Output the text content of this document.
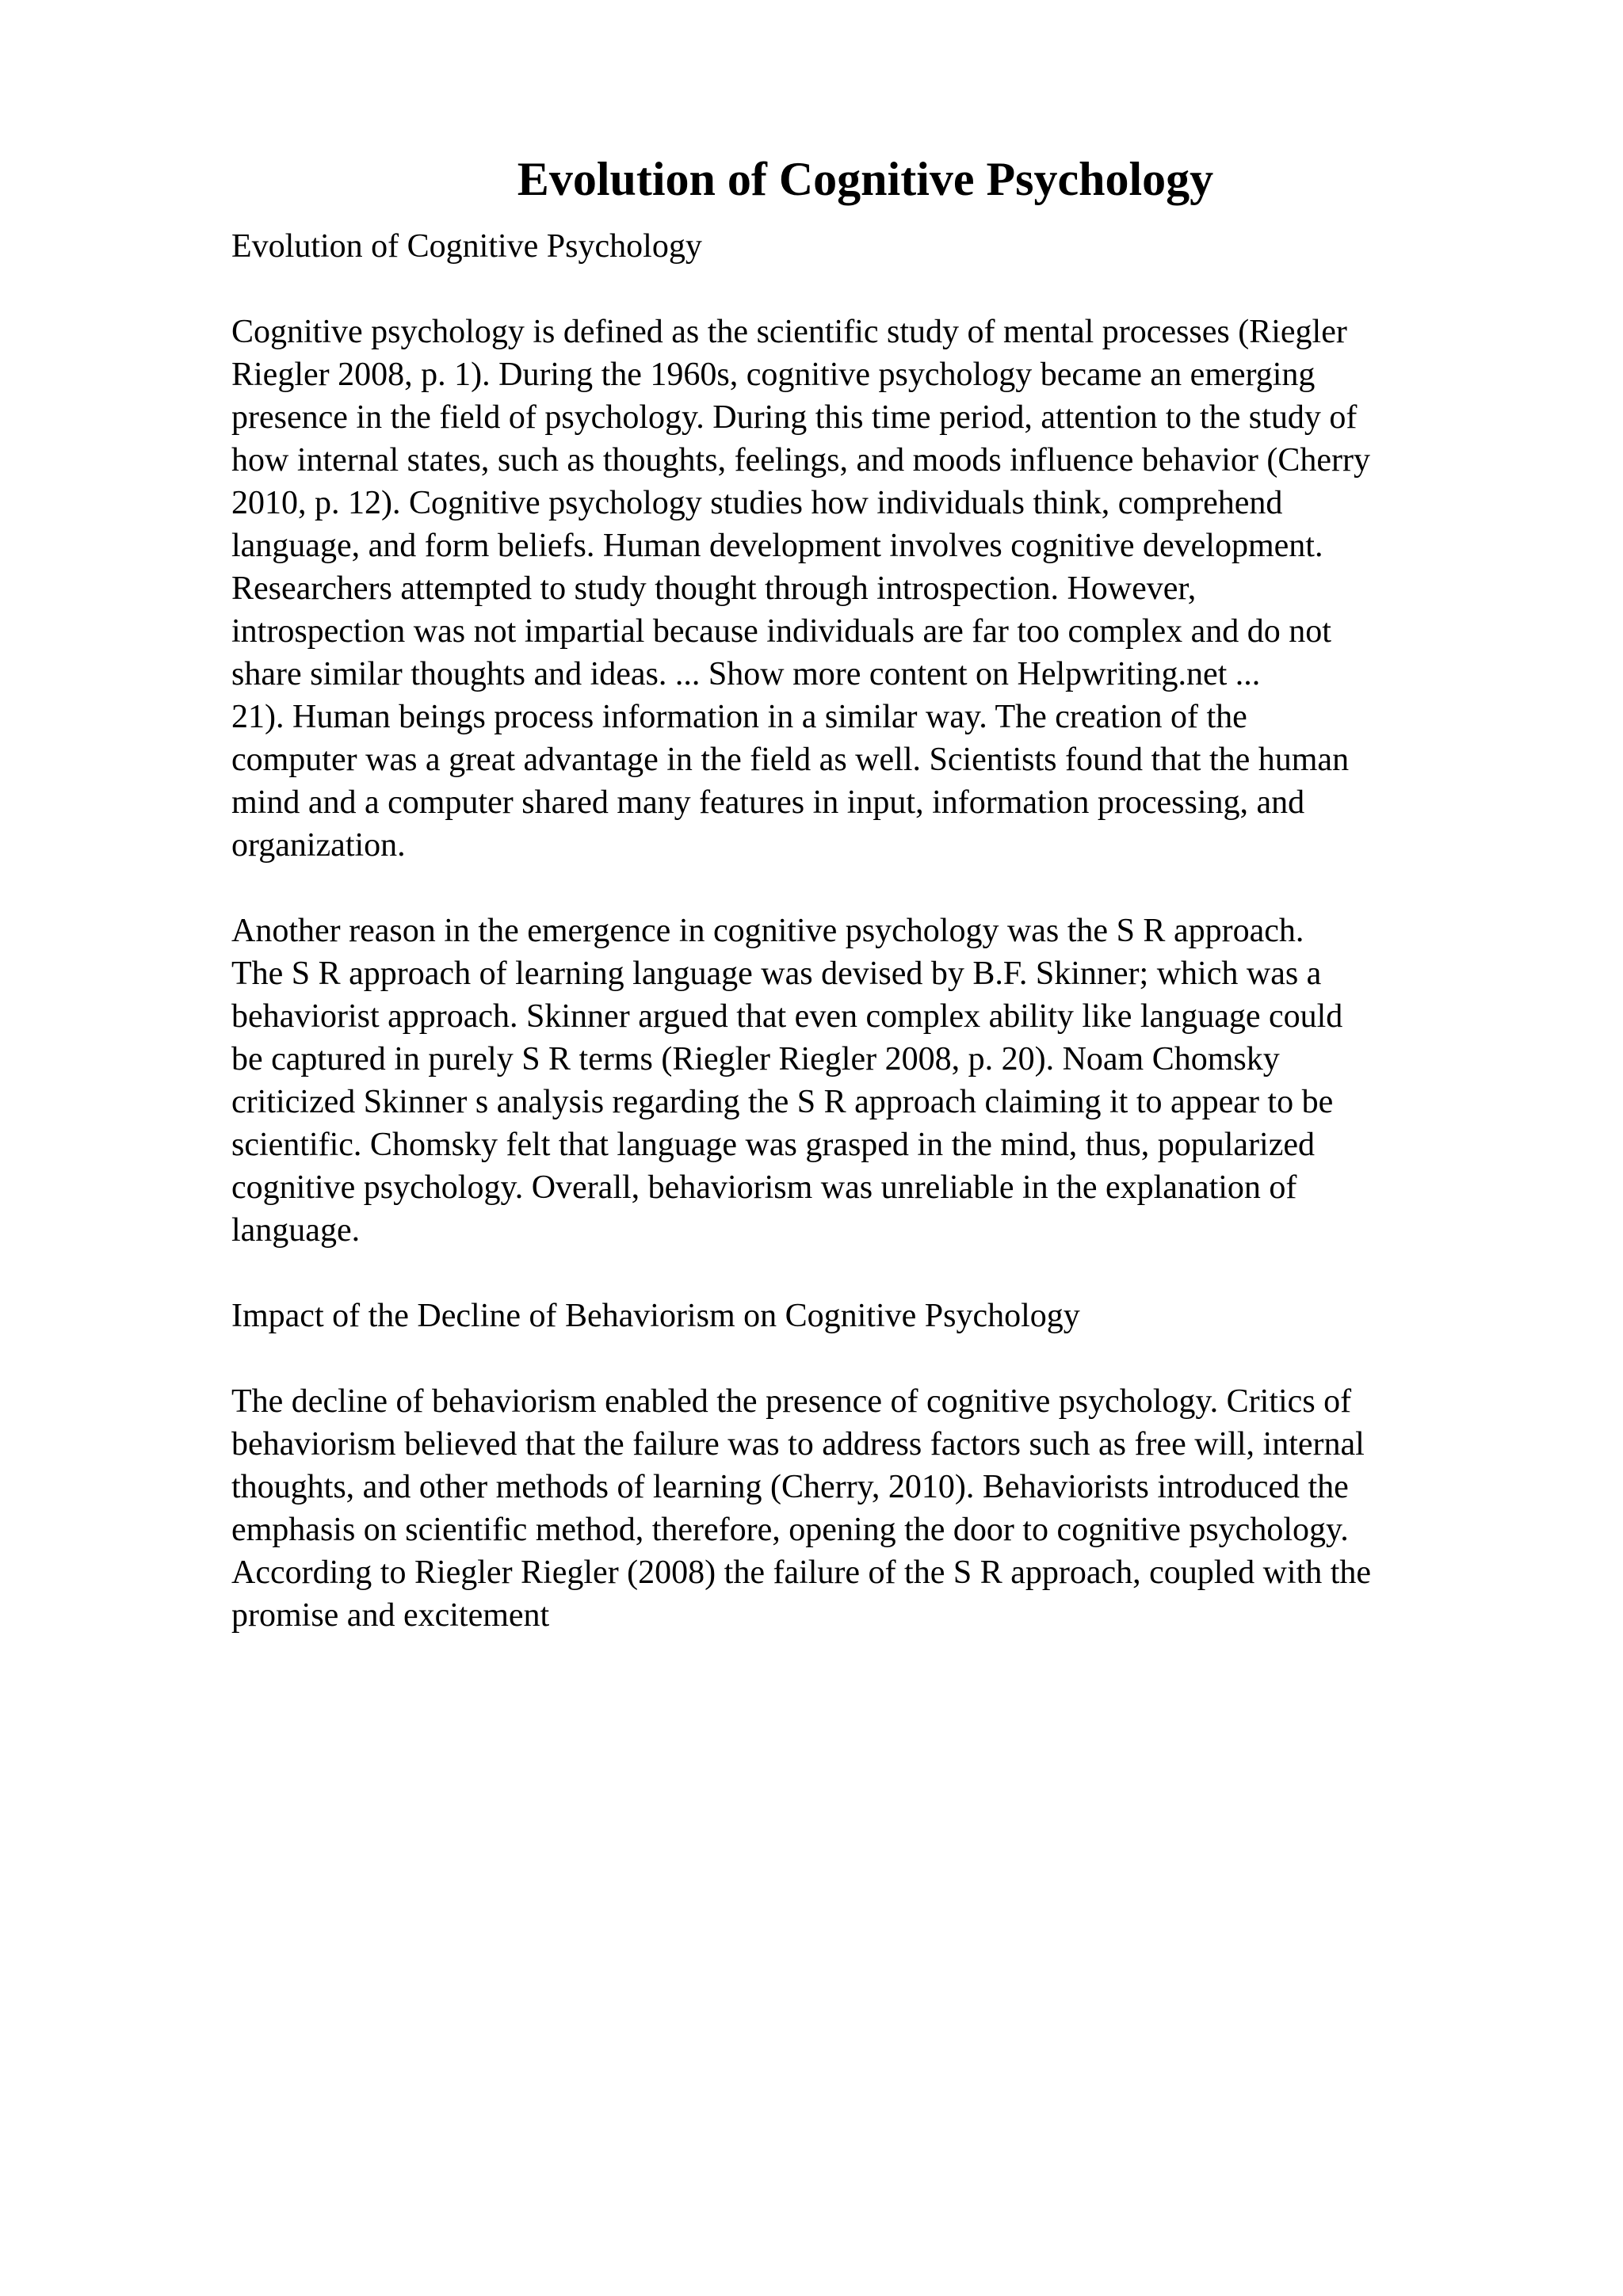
Evolution of Cognitive Psychology
Evolution of Cognitive Psychology
Cognitive psychology is defined as the scientific study of mental processes (Riegler
Riegler 2008, p. 1). During the 1960s, cognitive psychology became an emerging
presence in the field of psychology. During this time period, attention to the study of
how internal states, such as thoughts, feelings, and moods influence behavior (Cherry
2010, p. 12). Cognitive psychology studies how individuals think, comprehend
language, and form beliefs. Human development involves cognitive development.
Researchers attempted to study thought through introspection. However,
introspection was not impartial because individuals are far too complex and do not
share similar thoughts and ideas. ... Show more content on Helpwriting.net ...
21). Human beings process information in a similar way. The creation of the
computer was a great advantage in the field as well. Scientists found that the human
mind and a computer shared many features in input, information processing, and
organization.
Another reason in the emergence in cognitive psychology was the S R approach.
The S R approach of learning language was devised by B.F. Skinner; which was a
behaviorist approach. Skinner argued that even complex ability like language could
be captured in purely S R terms (Riegler Riegler 2008, p. 20). Noam Chomsky
criticized Skinner s analysis regarding the S R approach claiming it to appear to be
scientific. Chomsky felt that language was grasped in the mind, thus, popularized
cognitive psychology. Overall, behaviorism was unreliable in the explanation of
language.
Impact of the Decline of Behaviorism on Cognitive Psychology
The decline of behaviorism enabled the presence of cognitive psychology. Critics of
behaviorism believed that the failure was to address factors such as free will, internal
thoughts, and other methods of learning (Cherry, 2010). Behaviorists introduced the
emphasis on scientific method, therefore, opening the door to cognitive psychology.
According to Riegler Riegler (2008) the failure of the S R approach, coupled with the
promise and excitement
